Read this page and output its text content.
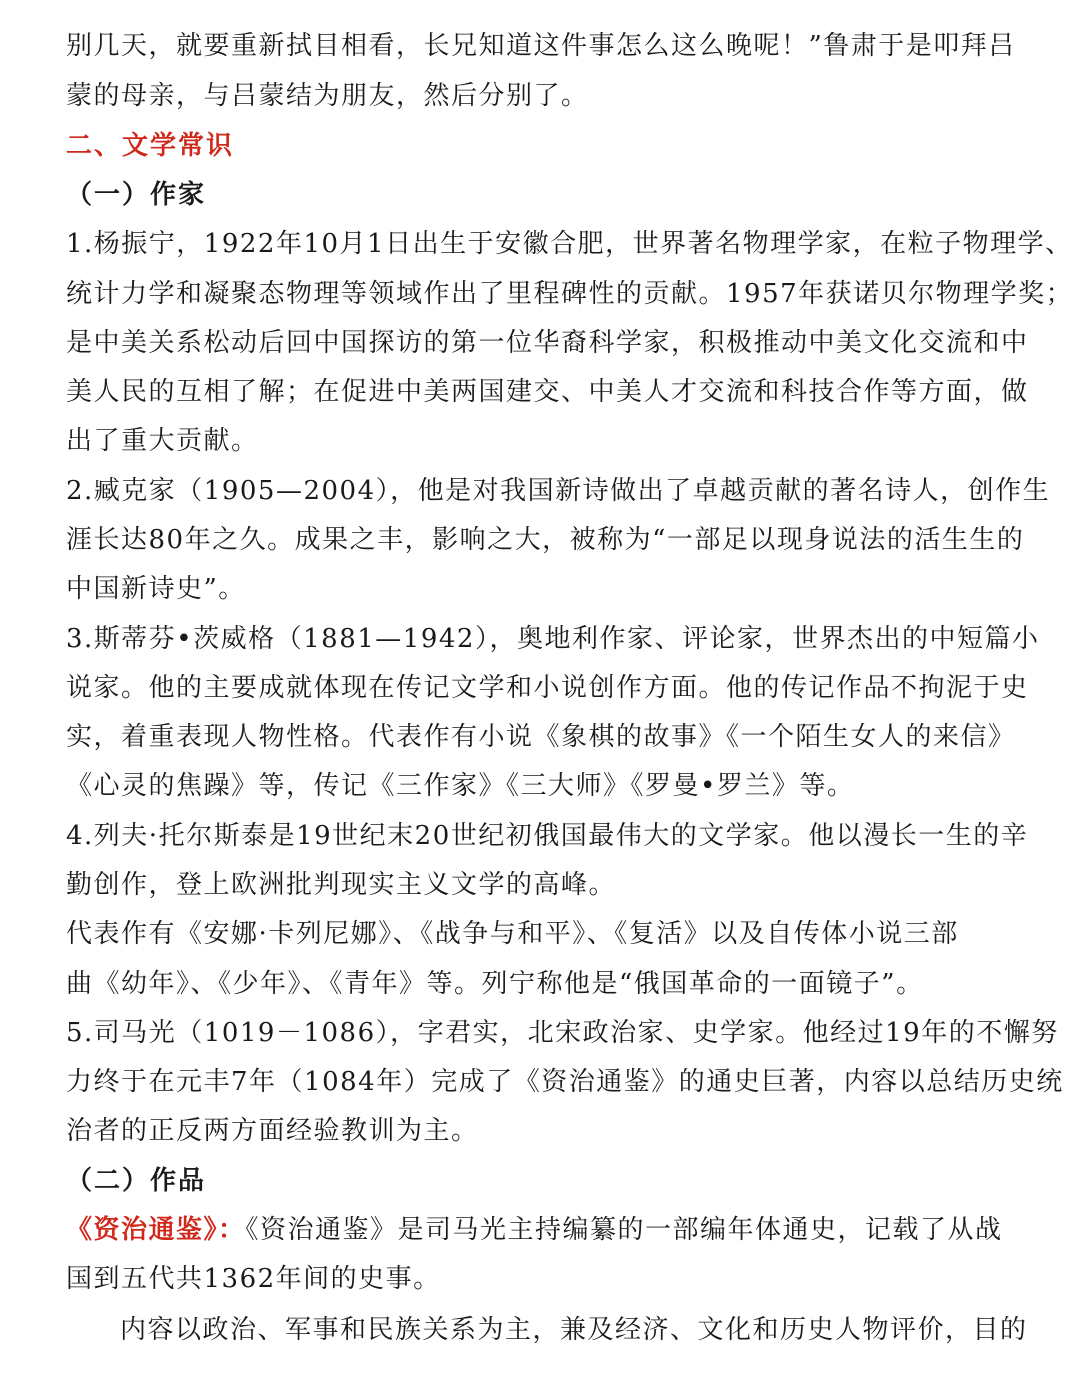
别几天，就要重新拭目相看，长兄知道这件事怎么这么晚呢！”鲁肃于是叩拜吕
蒙的母亲，与吕蒙结为朋友，然后分别了。
二、文学常识
（一）作家
1.杨振宁，1922年10月1日出生于安徽合肥，世界著名物理学家，在粒子物理学、
统计力学和凝聚态物理等领域作出了里程碑性的贡献。1957年获诺贝尔物理学奖；
是中美关系松动后回中国探访的第一位华裔科学家，积极推动中美文化交流和中
美人民的互相了解；在促进中美两国建交、中美人才交流和科技合作等方面，做
出了重大贡献。
2.臧克家（1905—2004），他是对我国新诗做出了卓越贡献的著名诗人，创作生
涯长达80年之久。成果之丰，影响之大，被称为“一部足以现身说法的活生生的
中国新诗史”。
3.斯蒂芬•茨威格（1881—1942），奥地利作家、评论家，世界杰出的中短篇小
说家。他的主要成就体现在传记文学和小说创作方面。他的传记作品不拘泥于史
实，着重表现人物性格。代表作有小说《象棋的故事》《一个陌生女人的来信》
《心灵的焦躁》等，传记《三作家》《三大师》《罗曼•罗兰》等。
4.列夫·托尔斯泰是19世纪末20世纪初俄国最伟大的文学家。他以漫长一生的辛
勤创作，登上欧洲批判现实主义文学的高峰。
代表作有《安娜·卡列尼娜》、《战争与和平》、《复活》以及自传体小说三部
曲《幼年》、《少年》、《青年》等。列宁称他是“俄国革命的一面镜子”。
5.司马光（1019－1086），字君实，北宋政治家、史学家。他经过19年的不懈努
力终于在元丰7年（1084年）完成了《资治通鉴》的通史巨著，内容以总结历史统
治者的正反两方面经验教训为主。
（二）作品
《资治通鉴》：《资治通鉴》是司马光主持编纂的一部编年体通史，记载了从战
国到五代共1362年间的史事。
内容以政治、军事和民族关系为主，兼及经济、文化和历史人物评价，目的
